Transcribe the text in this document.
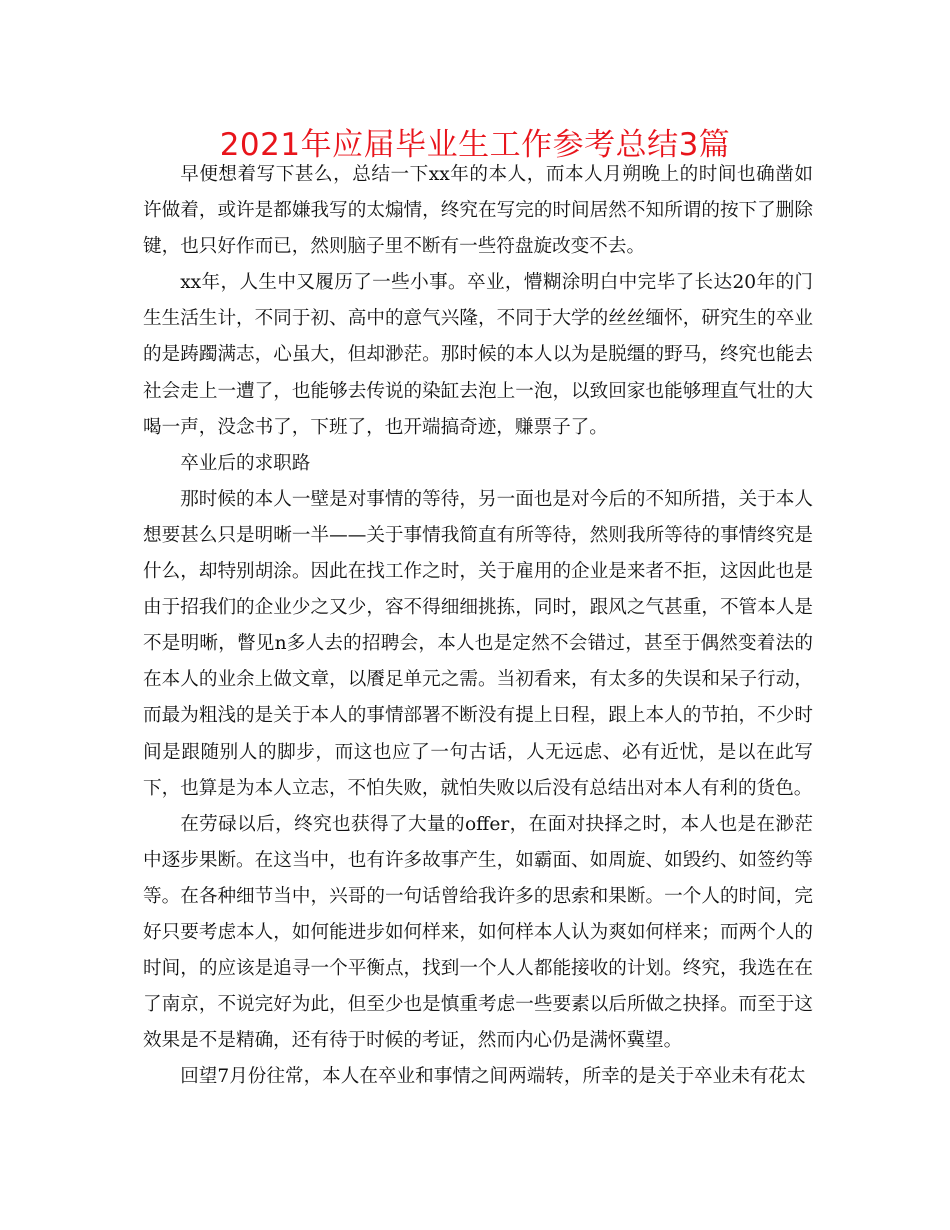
2021年应届毕业生工作参考总结3篇

早便想着写下甚么，总结一下xx年的本人，而本人月朔晚上的时间也确凿如许做着，或许是都嫌我写的太煽情，终究在写完的时间居然不知所谓的按下了删除键，也只好作而已，然则脑子里不断有一些符盘旋改变不去。

xx年，人生中又履历了一些小事。卒业，懵糊涂明白中完毕了长达20年的门生生活生计，不同于初、高中的意气兴隆，不同于大学的丝丝缅怀，研究生的卒业的是踌躅满志，心虽大，但却渺茫。那时候的本人以为是脱缰的野马，终究也能去社会走上一遭了，也能够去传说的染缸去泡上一泡，以致回家也能够理直气壮的大喝一声，没念书了，下班了，也开端搞奇迹，赚票子了。

卒业后的求职路

那时候的本人一壁是对事情的等待，另一面也是对今后的不知所措，关于本人想要甚么只是明晰一半——关于事情我简直有所等待，然则我所等待的事情终究是什么，却特别胡涂。因此在找工作之时，关于雇用的企业是来者不拒，这因此也是由于招我们的企业少之又少，容不得细细挑拣，同时，跟风之气甚重，不管本人是不是明晰，瞥见n多人去的招聘会，本人也是定然不会错过，甚至于偶然变着法的在本人的业余上做文章，以餍足单元之需。当初看来，有太多的失误和呆子行动，而最为粗浅的是关于本人的事情部署不断没有提上日程，跟上本人的节拍，不少时间是跟随别人的脚步，而这也应了一句古话，人无远虑、必有近忧，是以在此写下，也算是为本人立志，不怕失败，就怕失败以后没有总结出对本人有利的货色。

在劳碌以后，终究也获得了大量的offer，在面对抉择之时，本人也是在渺茫中逐步果断。在这当中，也有许多故事产生，如霸面、如周旋、如毁约、如签约等等。在各种细节当中，兴哥的一句话曾给我许多的思索和果断。一个人的时间，完好只要考虑本人，如何能进步如何样来，如何样本人认为爽如何样来；而两个人的时间，的应该是追寻一个平衡点，找到一个人人都能接收的计划。终究，我选在在了南京，不说完好为此，但至少也是慎重考虑一些要素以后所做之抉择。而至于这效果是不是精确，还有待于时候的考证，然而内心仍是满怀冀望。

回望7月份往常，本人在卒业和事情之间两端转，所幸的是关于卒业未有花太
